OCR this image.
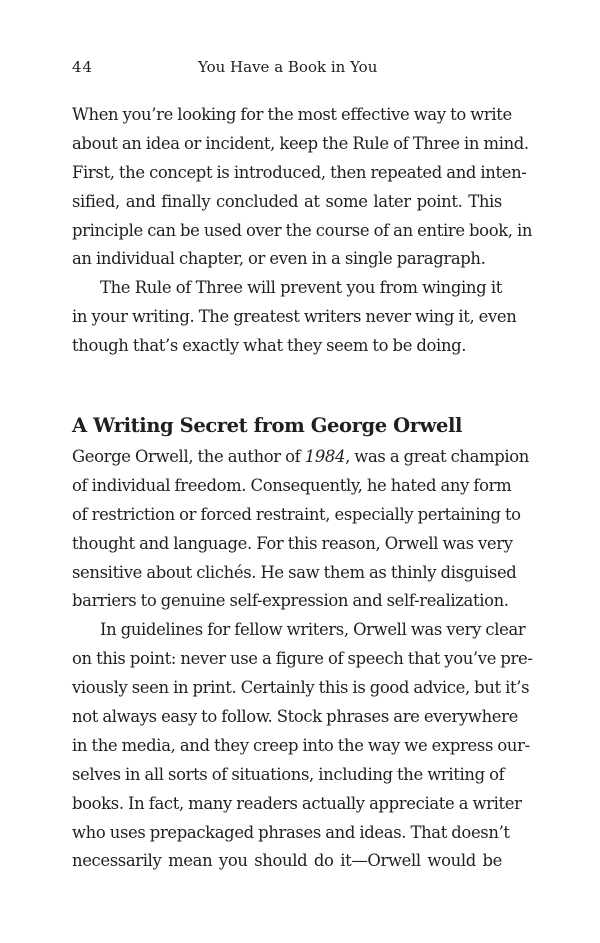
44	You Have a Book in You
When you’re looking for the most effective way to write
about an idea or incident, keep the Rule of Three in mind.
First, the concept is introduced, then repeated and inten-
sified, and finally concluded at some later point. This
principle can be used over the course of an entire book, in
an individual chapter, or even in a single paragraph.
The Rule of Three will prevent you from winging it
in your writing. The greatest writers never wing it, even
though that’s exactly what they seem to be doing.
A Writing Secret from George Orwell
George Orwell, the author of 1984, was a great champion
of individual freedom. Consequently, he hated any form
of restriction or forced restraint, especially pertaining to
thought and language. For this reason, Orwell was very
sensitive about clichés. He saw them as thinly disguised
barriers to genuine self-expression and self-realization.
In guidelines for fellow writers, Orwell was very clear
on this point: never use a figure of speech that you’ve pre-
viously seen in print. Certainly this is good advice, but it’s
not always easy to follow. Stock phrases are everywhere
in the media, and they creep into the way we express our-
selves in all sorts of situations, including the writing of
books. In fact, many readers actually appreciate a writer
who uses prepackaged phrases and ideas. That doesn’t
necessarily mean you should do it—Orwell would be
